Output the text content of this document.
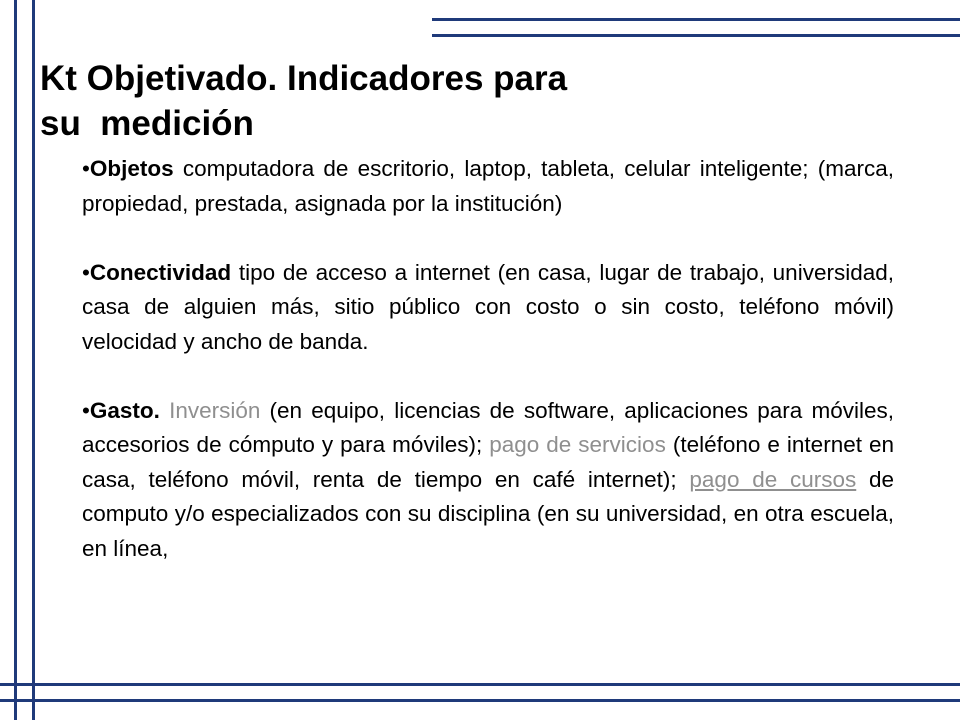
Kt Objetivado. Indicadores para
su  medición

•Objetos computadora de escritorio, laptop, tableta, celular inteligente; (marca, propiedad, prestada, asignada por la institución)

•Conectividad tipo de acceso a internet (en casa, lugar de trabajo, universidad, casa de alguien más, sitio público con costo o sin costo, teléfono móvil) velocidad y ancho de banda.

•Gasto. Inversión (en equipo, licencias de software, aplicaciones para móviles, accesorios de cómputo y para móviles); pago de servicios (teléfono e internet en casa, teléfono móvil, renta de tiempo en café internet); pago de cursos de computo y/o especializados con su disciplina (en su universidad, en otra escuela, en línea,
